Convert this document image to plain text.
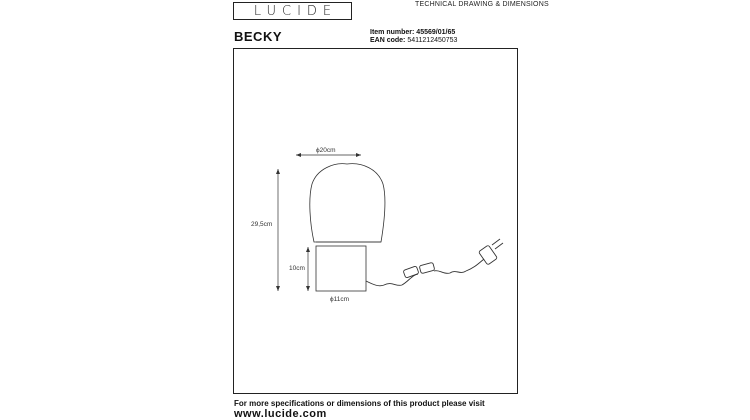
LUCIDE	TECHNICAL DRAWING & DIMENSIONS
BECKY	Item number: 45569/01/65
EAN code: 5411212450753
ϕ20cm
29,5cm
10cm
ϕ11cm
For more specifications or dimensions of this product please visit
www.lucide.com
